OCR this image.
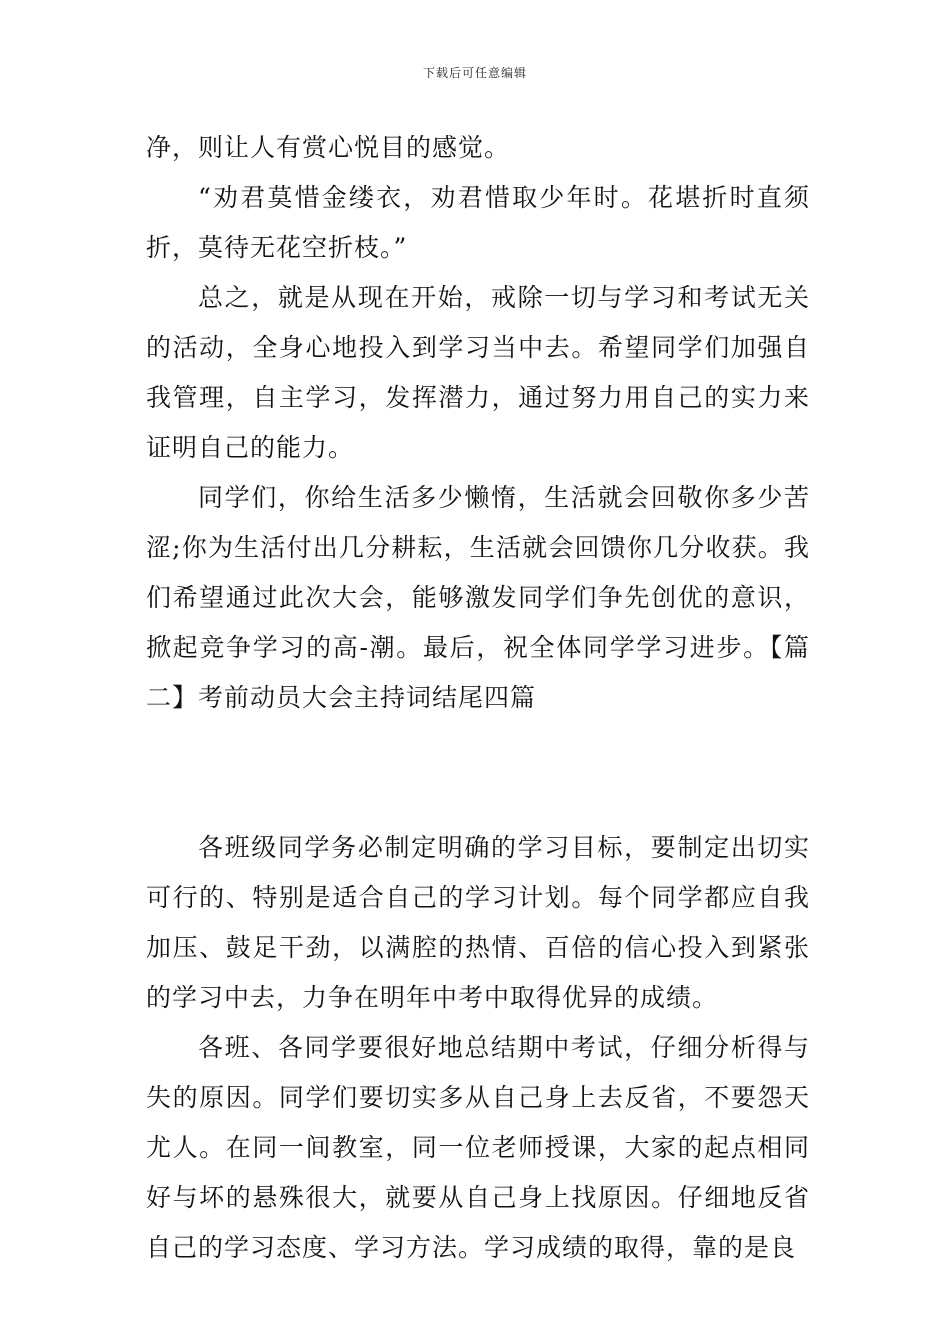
下载后可任意编辑

净，则让人有赏心悦目的感觉。

“劝君莫惜金缕衣，劝君惜取少年时。花堪折时直须折，莫待无花空折枝。”

总之，就是从现在开始，戒除一切与学习和考试无关的活动，全身心地投入到学习当中去。希望同学们加强自我管理，自主学习，发挥潜力，通过努力用自己的实力来证明自己的能力。

同学们，你给生活多少懒惰，生活就会回敬你多少苦涩;你为生活付出几分耕耘，生活就会回馈你几分收获。我们希望通过此次大会，能够激发同学们争先创优的意识，掀起竞争学习的高-潮。最后，祝全体同学学习进步。【篇二】考前动员大会主持词结尾四篇

各班级同学务必制定明确的学习目标，要制定出切实可行的、特别是适合自己的学习计划。每个同学都应自我加压、鼓足干劲，以满腔的热情、百倍的信心投入到紧张的学习中去，力争在明年中考中取得优异的成绩。

各班、各同学要很好地总结期中考试，仔细分析得与失的原因。同学们要切实多从自己身上去反省，不要怨天尤人。在同一间教室，同一位老师授课，大家的起点相同好与坏的悬殊很大，就要从自己身上找原因。仔细地反省自己的学习态度、学习方法。学习成绩的取得，靠的是良
